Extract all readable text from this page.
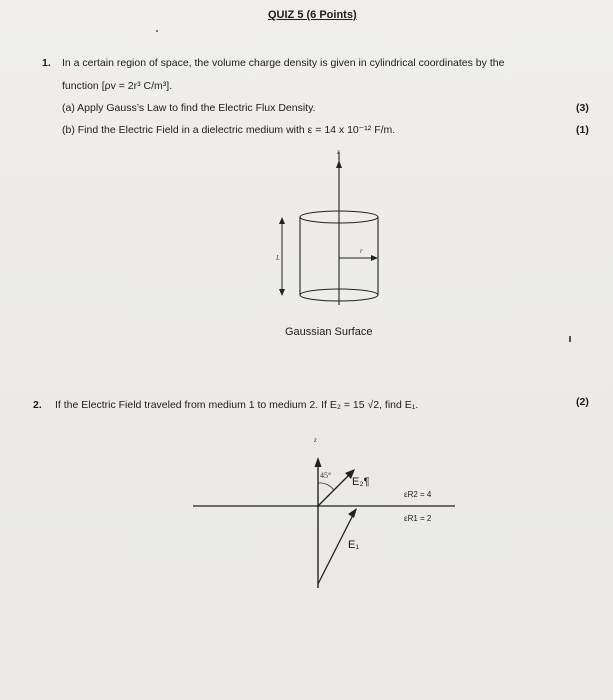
QUIZ 5 (6 Points)
1. In a certain region of space, the volume charge density is given in cylindrical coordinates by the
function [ρv = 2r³ C/m³].
(a) Apply Gauss’s Law to find the Electric Flux Density.	(3)
(b) Find the Electric Field in a dielectric medium with ε = 14 x 10⁻¹² F/m.	(1)
z
r
L
Gaussian Surface
2. If the Electric Field traveled from medium 1 to medium 2. If E₂ = 15 √2, find E₁.	(2)
z
45°
E₂¶
E₁
εR2 = 4
εR1 = 2
